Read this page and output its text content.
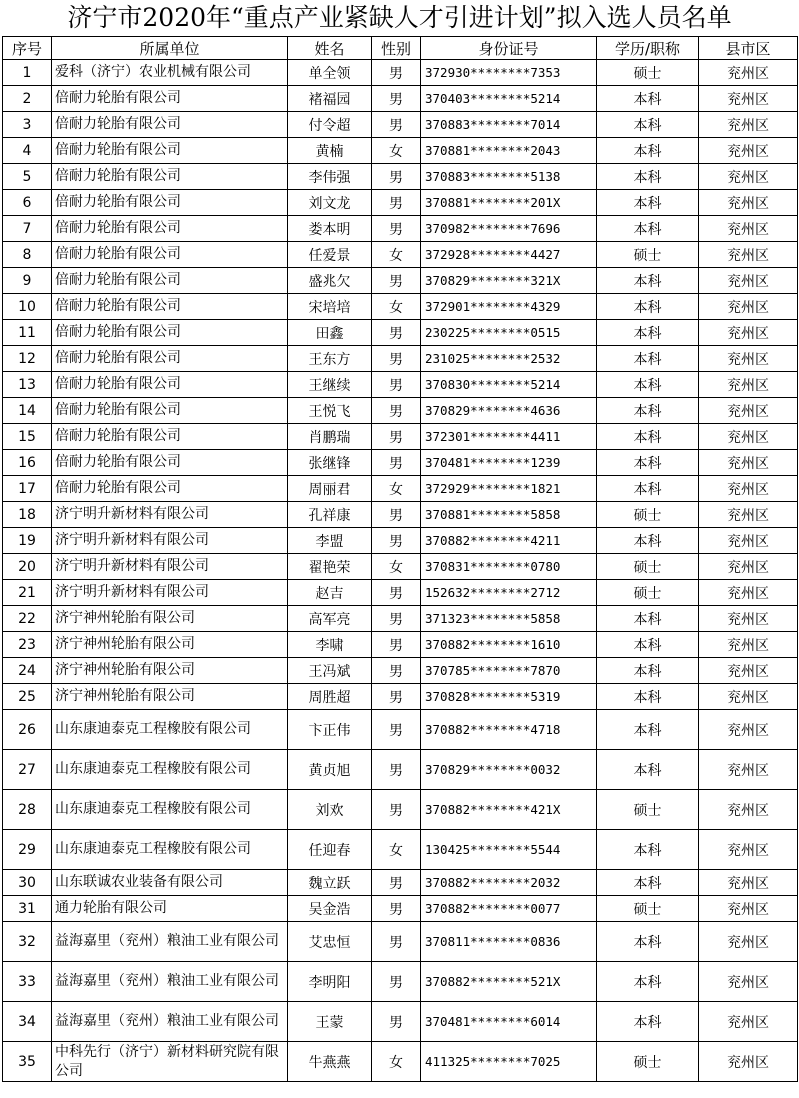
济宁市2020年“重点产业紧缺人才引进计划”拟入选人员名单
序号	所属单位	姓名	性别	身份证号	学历/职称	县市区
1	爱科（济宁）农业机械有限公司	单全领	男	372930********7353	硕士	兖州区
2	倍耐力轮胎有限公司	褚福园	男	370403********5214	本科	兖州区
3	倍耐力轮胎有限公司	付令超	男	370883********7014	本科	兖州区
4	倍耐力轮胎有限公司	黄楠	女	370881********2043	本科	兖州区
5	倍耐力轮胎有限公司	李伟强	男	370883********5138	本科	兖州区
6	倍耐力轮胎有限公司	刘文龙	男	370881********201X	本科	兖州区
7	倍耐力轮胎有限公司	娄本明	男	370982********7696	本科	兖州区
8	倍耐力轮胎有限公司	任爱景	女	372928********4427	硕士	兖州区
9	倍耐力轮胎有限公司	盛兆欠	男	370829********321X	本科	兖州区
10	倍耐力轮胎有限公司	宋培培	女	372901********4329	本科	兖州区
11	倍耐力轮胎有限公司	田鑫	男	230225********0515	本科	兖州区
12	倍耐力轮胎有限公司	王东方	男	231025********2532	本科	兖州区
13	倍耐力轮胎有限公司	王继续	男	370830********5214	本科	兖州区
14	倍耐力轮胎有限公司	王悦飞	男	370829********4636	本科	兖州区
15	倍耐力轮胎有限公司	肖鹏瑞	男	372301********4411	本科	兖州区
16	倍耐力轮胎有限公司	张继锋	男	370481********1239	本科	兖州区
17	倍耐力轮胎有限公司	周丽君	女	372929********1821	本科	兖州区
18	济宁明升新材料有限公司	孔祥康	男	370881********5858	硕士	兖州区
19	济宁明升新材料有限公司	李盟	男	370882********4211	本科	兖州区
20	济宁明升新材料有限公司	翟艳荣	女	370831********0780	硕士	兖州区
21	济宁明升新材料有限公司	赵吉	男	152632********2712	硕士	兖州区
22	济宁神州轮胎有限公司	高军亮	男	371323********5858	本科	兖州区
23	济宁神州轮胎有限公司	李啸	男	370882********1610	本科	兖州区
24	济宁神州轮胎有限公司	王冯斌	男	370785********7870	本科	兖州区
25	济宁神州轮胎有限公司	周胜超	男	370828********5319	本科	兖州区
26	山东康迪泰克工程橡胶有限公司	卞正伟	男	370882********4718	本科	兖州区
27	山东康迪泰克工程橡胶有限公司	黄贞旭	男	370829********0032	本科	兖州区
28	山东康迪泰克工程橡胶有限公司	刘欢	男	370882********421X	硕士	兖州区
29	山东康迪泰克工程橡胶有限公司	任迎春	女	130425********5544	本科	兖州区
30	山东联诚农业装备有限公司	魏立跃	男	370882********2032	本科	兖州区
31	通力轮胎有限公司	吴金浩	男	370882********0077	硕士	兖州区
32	益海嘉里（兖州）粮油工业有限公司	艾忠恒	男	370811********0836	本科	兖州区
33	益海嘉里（兖州）粮油工业有限公司	李明阳	男	370882********521X	本科	兖州区
34	益海嘉里（兖州）粮油工业有限公司	王蒙	男	370481********6014	本科	兖州区
35	中科先行（济宁）新材料研究院有限公司	牛燕燕	女	411325********7025	硕士	兖州区
